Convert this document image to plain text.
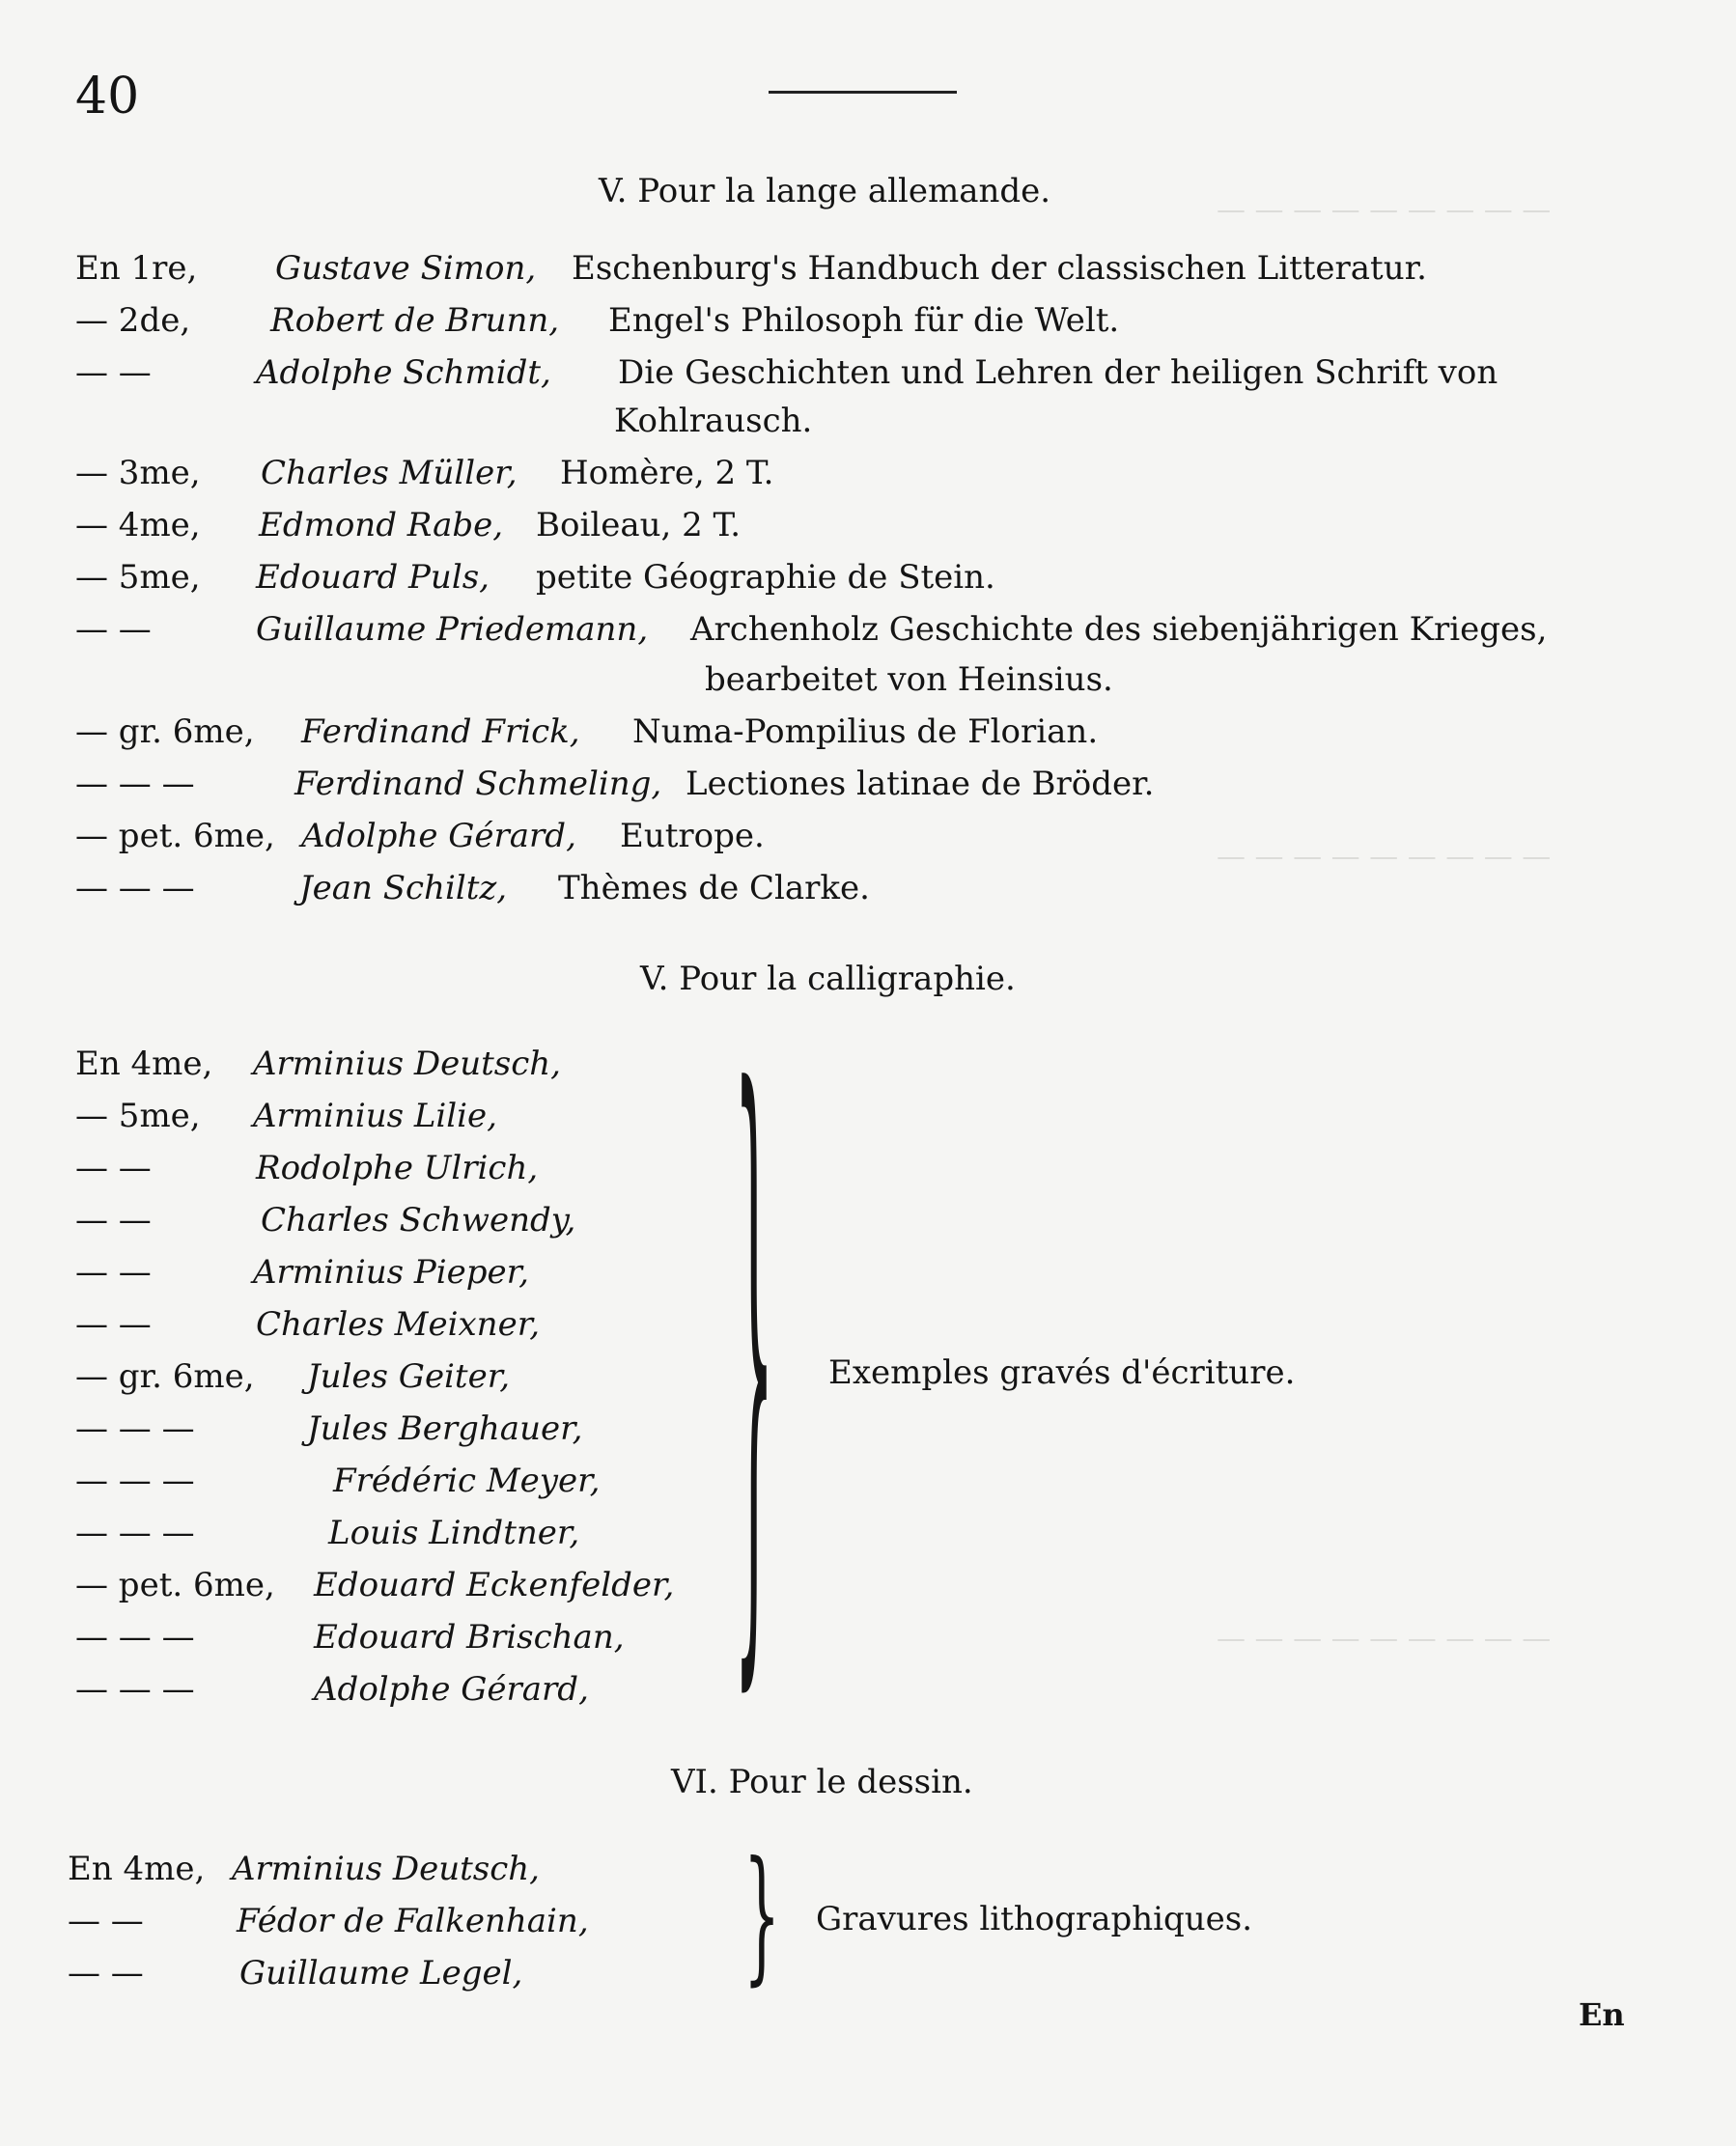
— — — — — — — — —
— — — — — — — — —
— — — — — — — — —
40
V. Pour la lange allemande.
En 1re, Gustave Simon, Eschenburg's Handbuch der classischen Litteratur.
— 2de, Robert de Brunn, Engel's Philosoph für die Welt.
— —	Adolphe Schmidt, Die Geschichten und Lehren der heiligen Schrift von
Kohlrausch.
— 3me, Charles Müller, Homère, 2 T.
— 4me, Edmond Rabe, Boileau, 2 T.
— 5me, Edouard Puls, petite Géographie de Stein.
— —	Guillaume Priedemann, Archenholz Geschichte des siebenjährigen Krieges,
bearbeitet von Heinsius.
— gr. 6me, Ferdinand Frick, Numa-Pompilius de Florian.
— — —	Ferdinand Schmeling, Lectiones latinae de Bröder.
— pet. 6me, Adolphe Gérard, Eutrope.
— — —	Jean Schiltz, Thèmes de Clarke.
V. Pour la calligraphie.
En 4me, Arminius Deutsch,
— 5me, Arminius Lilie,
— —	Rodolphe Ulrich,
— —	Charles Schwendy,
— —	Arminius Pieper,
— —	Charles Meixner,
— gr. 6me, Jules Geiter,
— — —	Jules Berghauer,
— — —	Frédéric Meyer,
— — —	Louis Lindtner,
— pet. 6me, Edouard Eckenfelder,
— — —	Edouard Brischan,
— — —	Adolphe Gérard,	} Exemples gravés d'écriture.
VI. Pour le dessin.
En 4me, Arminius Deutsch,
— —	Fédor de Falkenhain,
— —	Guillaume Legel,	} Gravures lithographiques.
En
